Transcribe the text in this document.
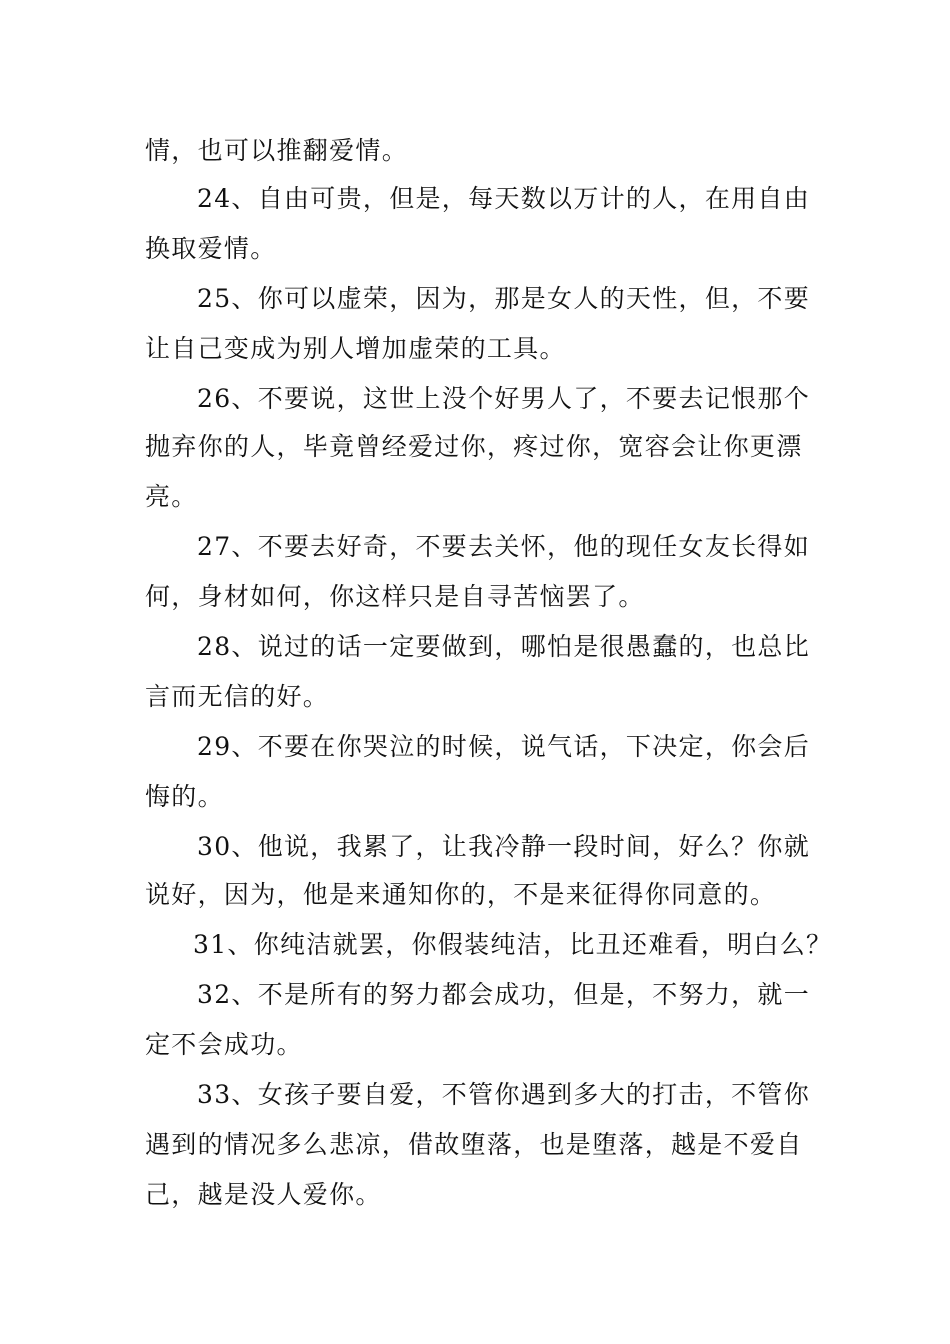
情，也可以推翻爱情。
24、自由可贵，但是，每天数以万计的人，在用自由
换取爱情。
25、你可以虚荣，因为，那是女人的天性，但，不要
让自己变成为别人增加虚荣的工具。
26、不要说，这世上没个好男人了，不要去记恨那个
抛弃你的人，毕竟曾经爱过你，疼过你，宽容会让你更漂
亮。
27、不要去好奇，不要去关怀，他的现任女友长得如
何，身材如何，你这样只是自寻苦恼罢了。
28、说过的话一定要做到，哪怕是很愚蠢的，也总比
言而无信的好。
29、不要在你哭泣的时候，说气话，下决定，你会后
悔的。
30、他说，我累了，让我冷静一段时间，好么？你就
说好，因为，他是来通知你的，不是来征得你同意的。
31、你纯洁就罢，你假装纯洁，比丑还难看，明白么？
32、不是所有的努力都会成功，但是，不努力，就一
定不会成功。
33、女孩子要自爱，不管你遇到多大的打击，不管你
遇到的情况多么悲凉，借故堕落，也是堕落，越是不爱自
己，越是没人爱你。
